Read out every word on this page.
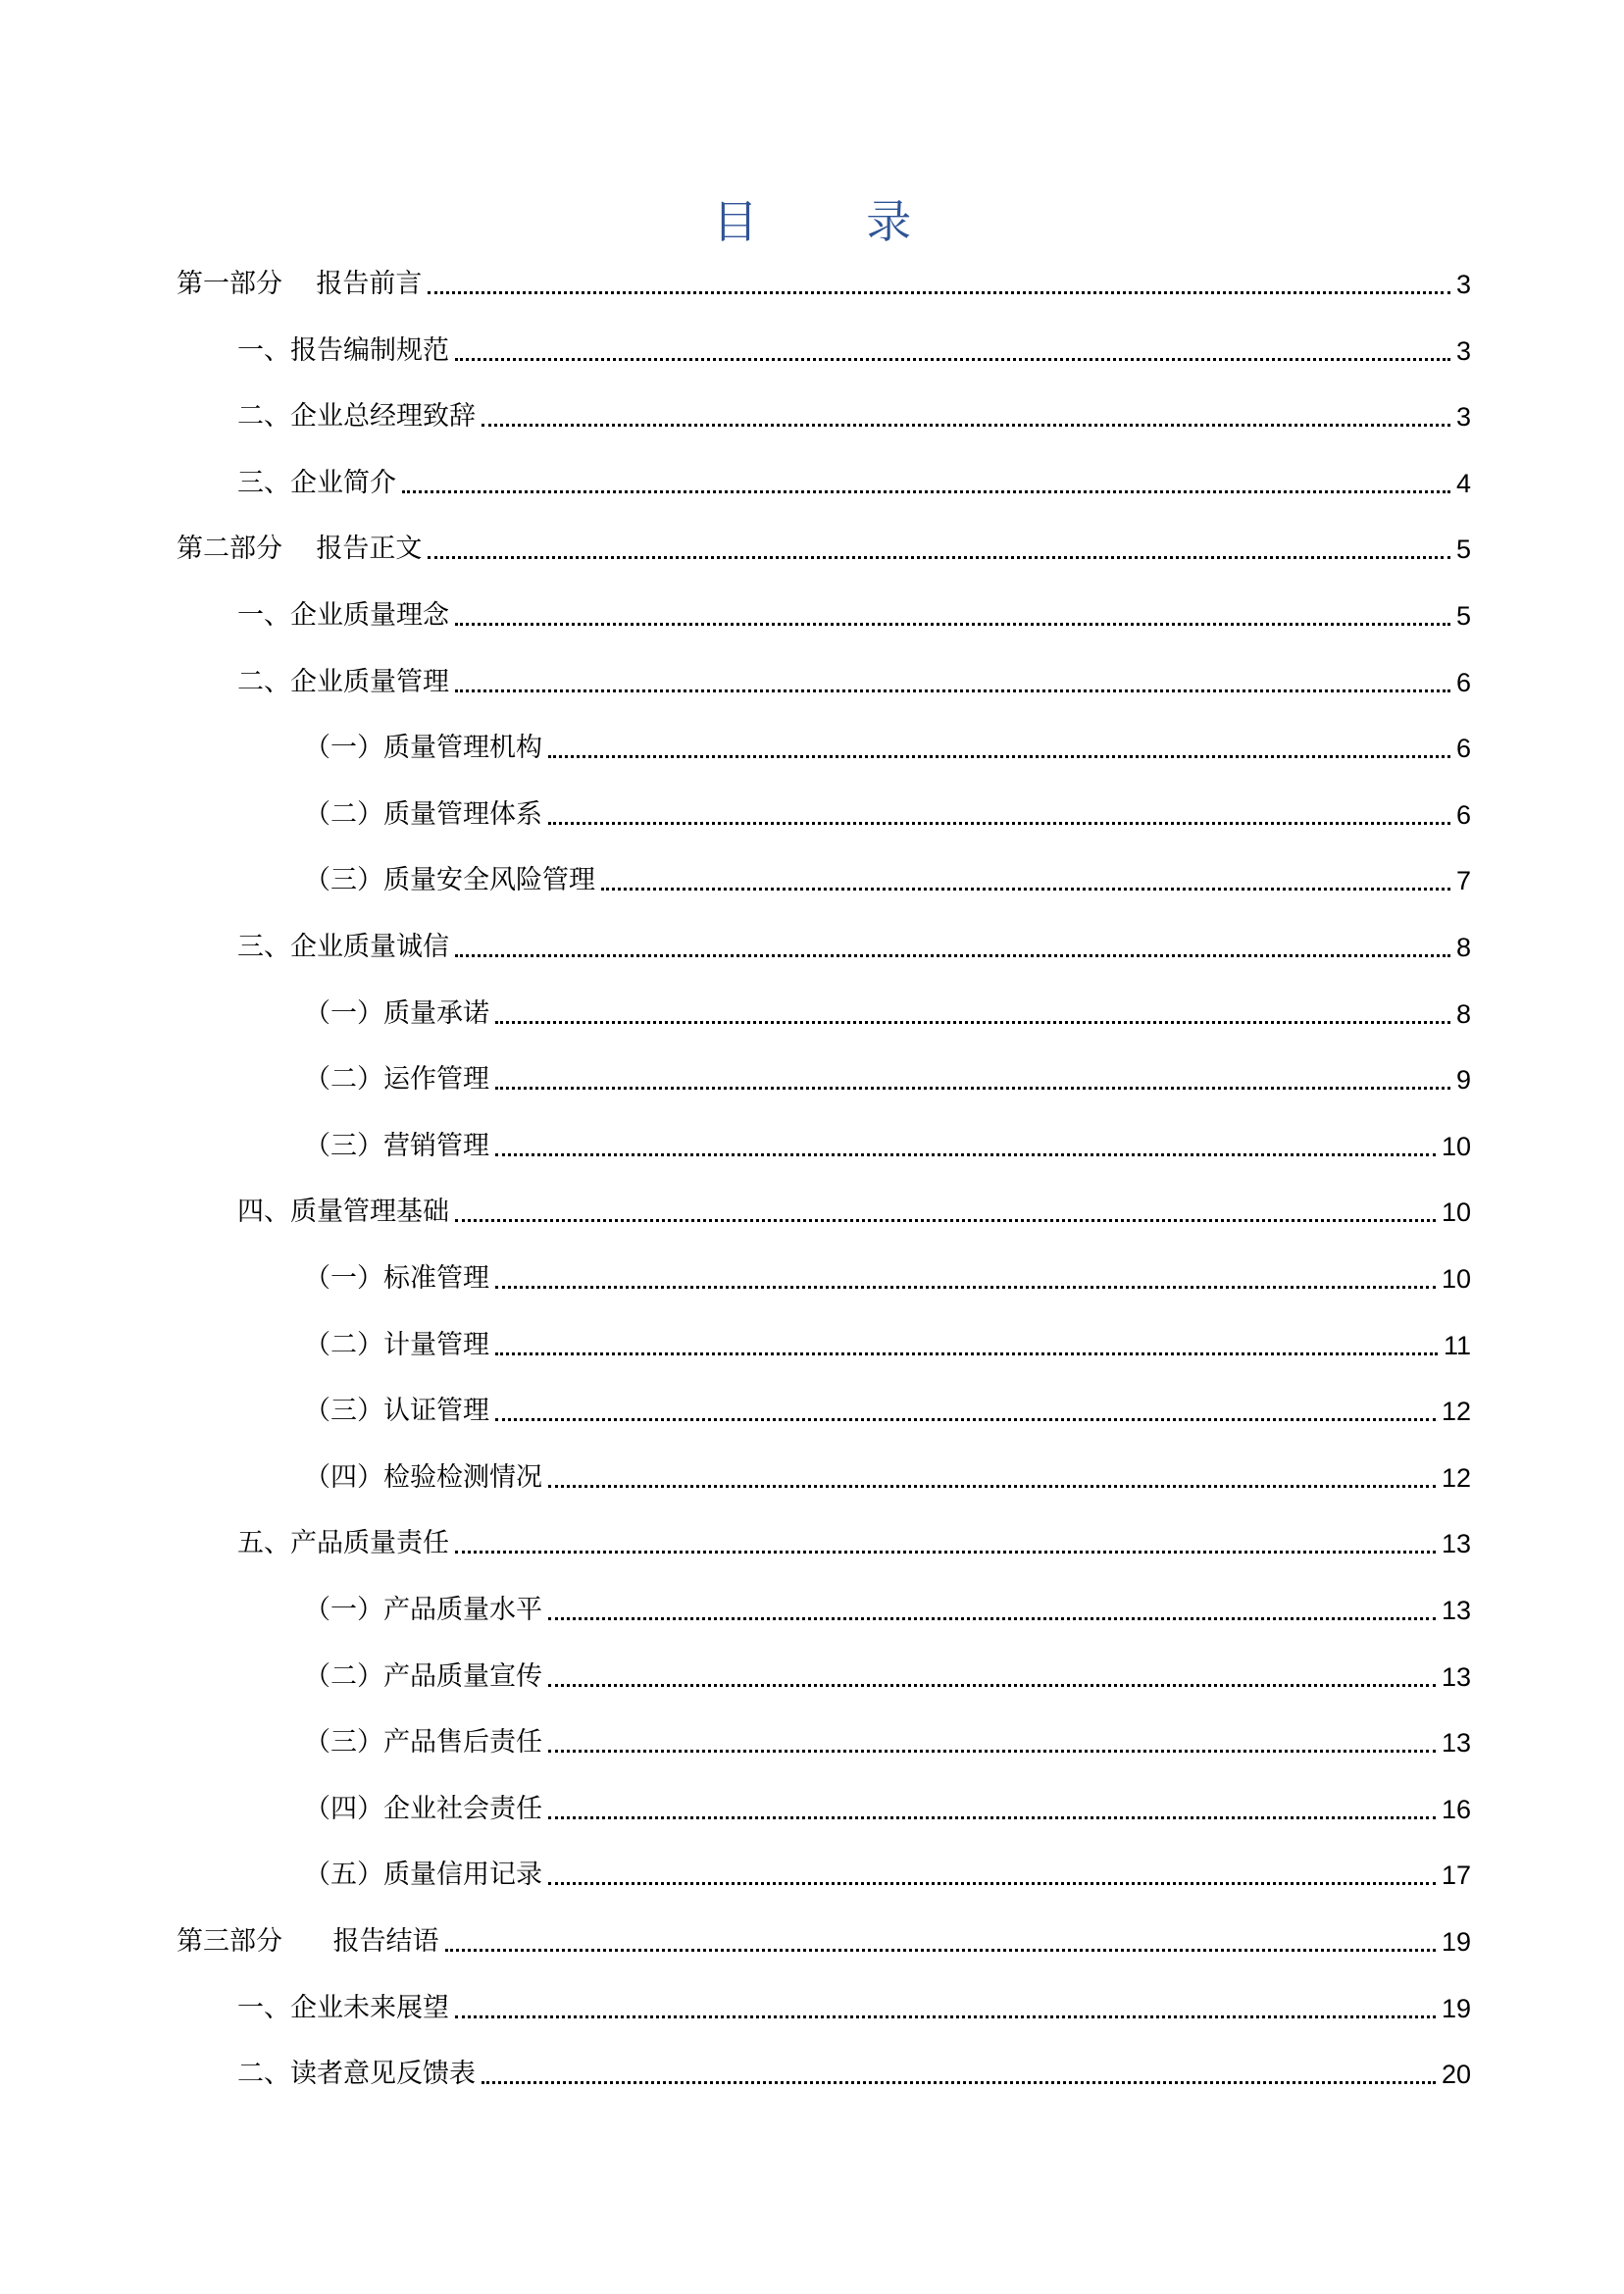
目 录
第一部分    报告前言	3
一、报告编制规范	3
二、企业总经理致辞	3
三、企业简介	4
第二部分    报告正文	5
一、企业质量理念	5
二、企业质量管理	6
（一）质量管理机构	6
（二）质量管理体系	6
（三）质量安全风险管理	7
三、企业质量诚信	8
（一）质量承诺	8
（二）运作管理	9
（三）营销管理	10
四、质量管理基础	10
（一）标准管理	10
（二）计量管理	11
（三）认证管理	12
（四）检验检测情况	12
五、产品质量责任	13
（一）产品质量水平	13
（二）产品质量宣传	13
（三）产品售后责任	13
（四）企业社会责任	16
（五）质量信用记录	17
第三部分      报告结语	19
一、企业未来展望	19
二、读者意见反馈表	20
